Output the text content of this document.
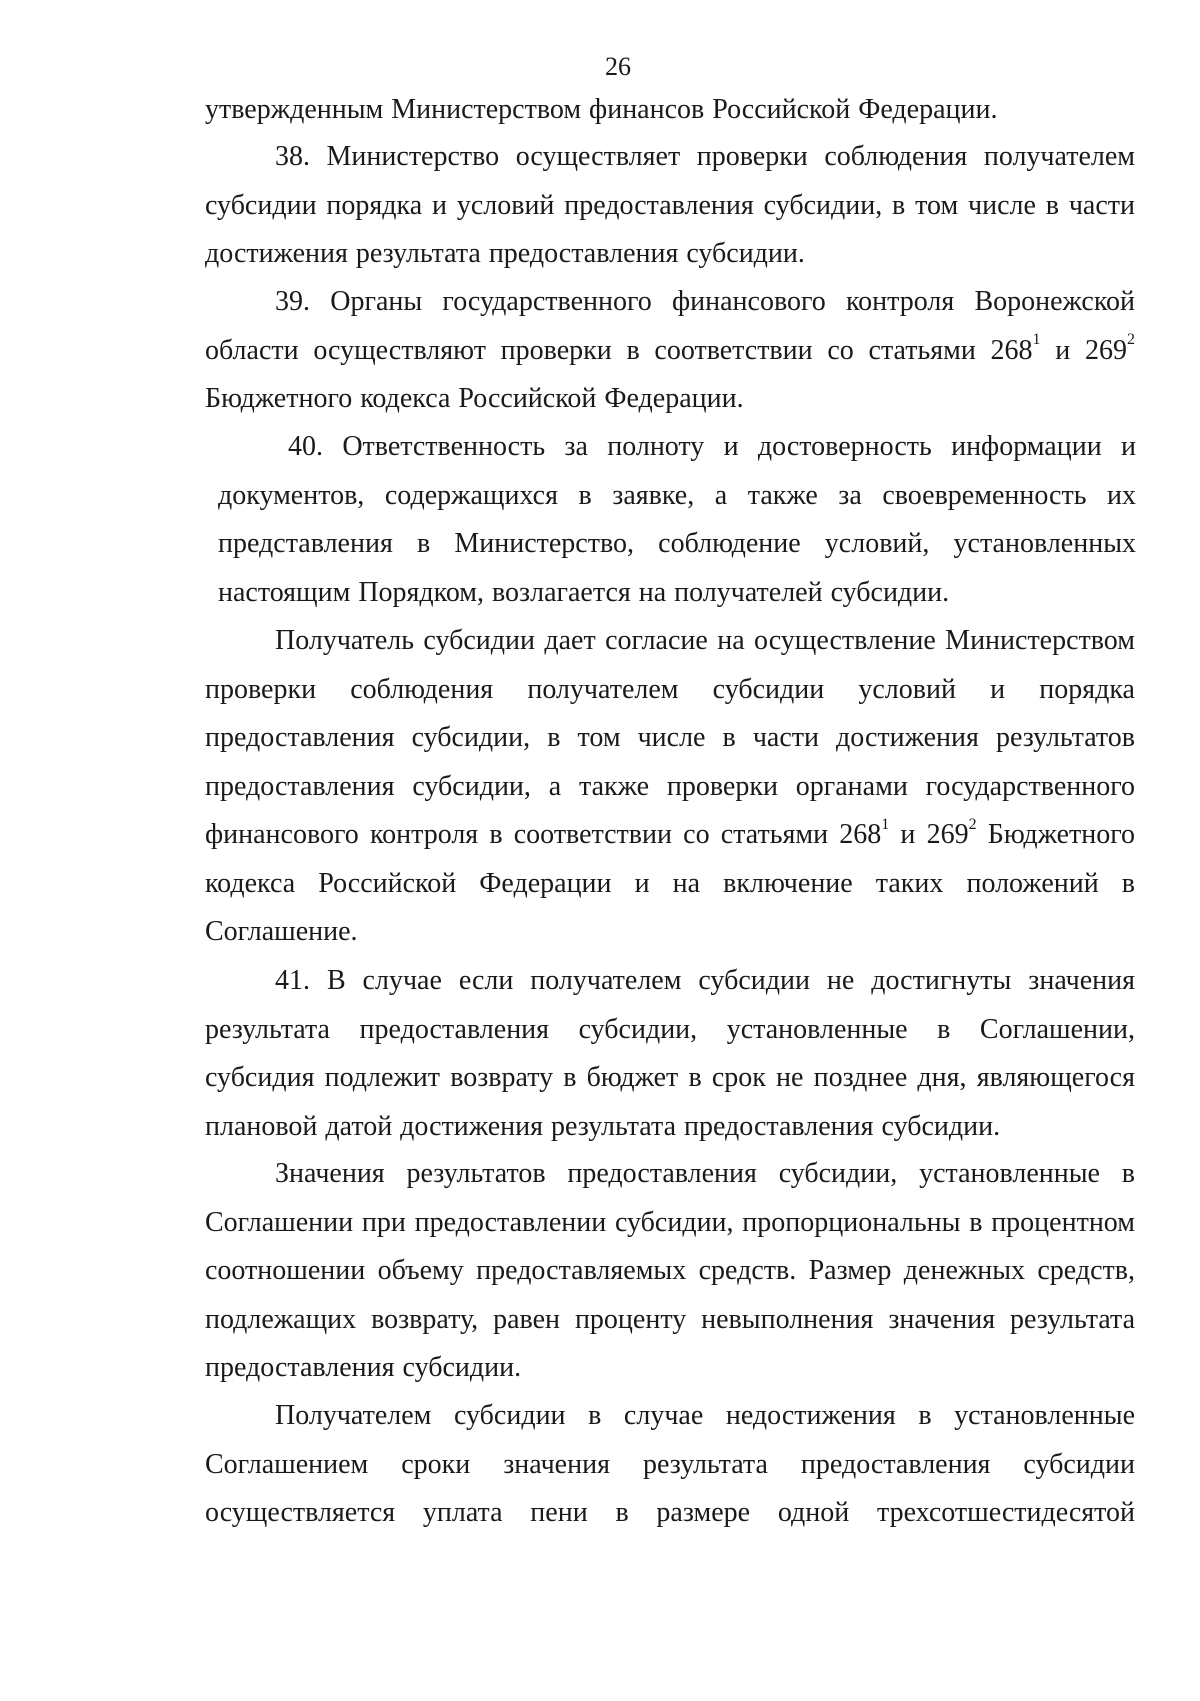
26

утвержденным Министерством финансов Российской Федерации.

38. Министерство осуществляет проверки соблюдения получателем субсидии порядка и условий предоставления субсидии, в том числе в части достижения результата предоставления субсидии.

39. Органы государственного финансового контроля Воронежской области осуществляют проверки в соответствии со статьями $268^1$ и $269^2$ Бюджетного кодекса Российской Федерации.

40. Ответственность за полноту и достоверность информации и документов, содержащихся в заявке, а также за своевременность их представления в Министерство, соблюдение условий, установленных настоящим Порядком, возлагается на получателей субсидии.

Получатель субсидии дает согласие на осуществление Министерством проверки соблюдения получателем субсидии условий и порядка предоставления субсидии, в том числе в части достижения результатов предоставления субсидии, а также проверки органами государственного финансового контроля в соответствии со статьями $268^1$ и $269^2$ Бюджетного кодекса Российской Федерации и на включение таких положений в Соглашение.

41. В случае если получателем субсидии не достигнуты значения результата предоставления субсидии, установленные в Соглашении, субсидия подлежит возврату в бюджет в срок не позднее дня, являющегося плановой датой достижения результата предоставления субсидии.

Значения результатов предоставления субсидии, установленные в Соглашении при предоставлении субсидии, пропорциональны в процентном соотношении объему предоставляемых средств. Размер денежных средств, подлежащих возврату, равен проценту невыполнения значения результата предоставления субсидии.

Получателем субсидии в случае недостижения в установленные Соглашением сроки значения результата предоставления субсидии осуществляется уплата пени в размере одной трехсотшестидесятой
